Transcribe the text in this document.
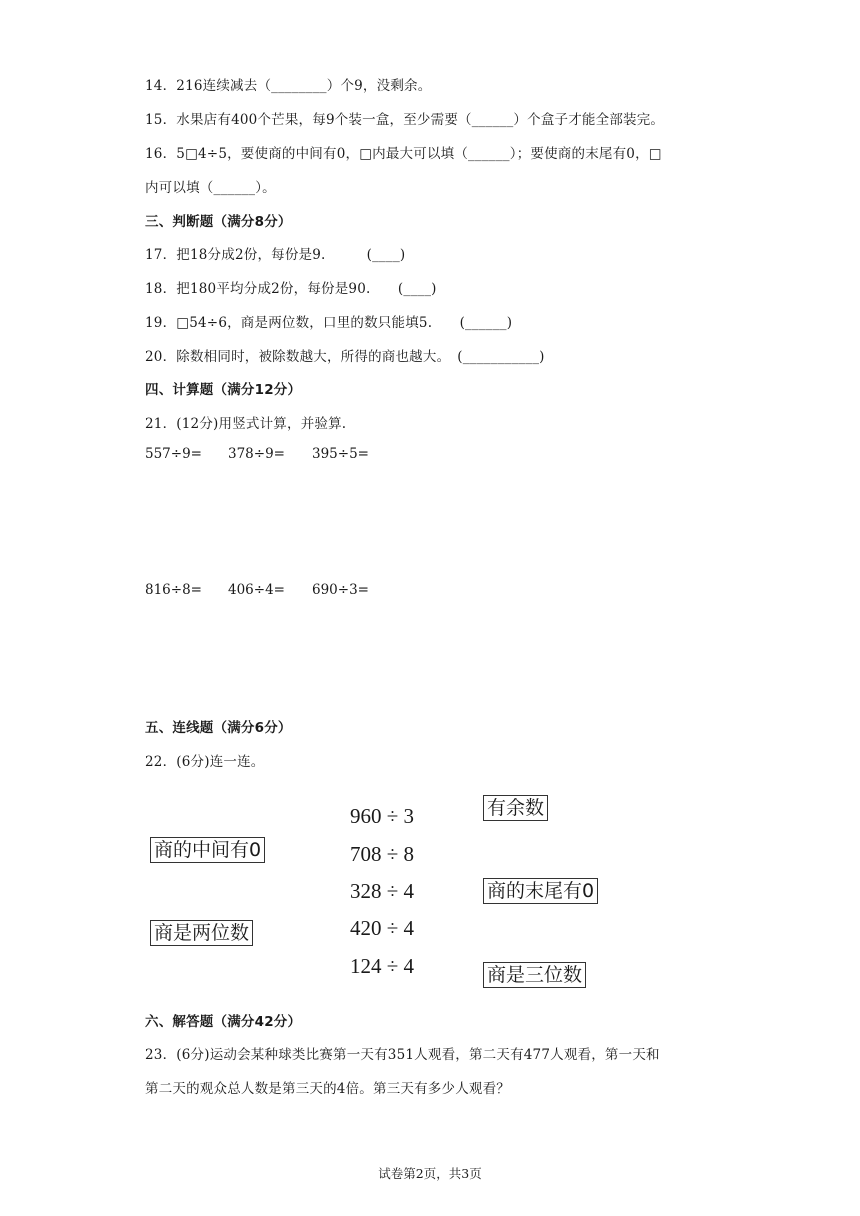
14．216连续减去（________）个9，没剩余。
15．水果店有400个芒果，每9个装一盒，至少需要（______）个盒子才能全部装完。
16．5□4÷5，要使商的中间有0，□内最大可以填（______）；要使商的末尾有0，□
内可以填（______）。
三、判断题（满分8分）
17．把18分成2份，每份是9.　　　(____)
18．把180平均分成2份，每份是90.　　(____)
19．□54÷6，商是两位数，口里的数只能填5.　　(______)
20．除数相同时，被除数越大，所得的商也越大。　(___________)
四、计算题（满分12分）
21．(12分)用竖式计算，并验算.
557÷9= 378÷9= 395÷5=
816÷8= 406÷4= 690÷3=
五、连线题（满分6分）
22．(6分)连一连。
商的中间有0
商是两位数
960 ÷ 3
708 ÷ 8
328 ÷ 4
420 ÷ 4
124 ÷ 4
有余数
商的末尾有0
商是三位数
六、解答题（满分42分）
23．(6分)运动会某种球类比赛第一天有351人观看，第二天有477人观看，第一天和
第二天的观众总人数是第三天的4倍。第三天有多少人观看？
试卷第2页，共3页
